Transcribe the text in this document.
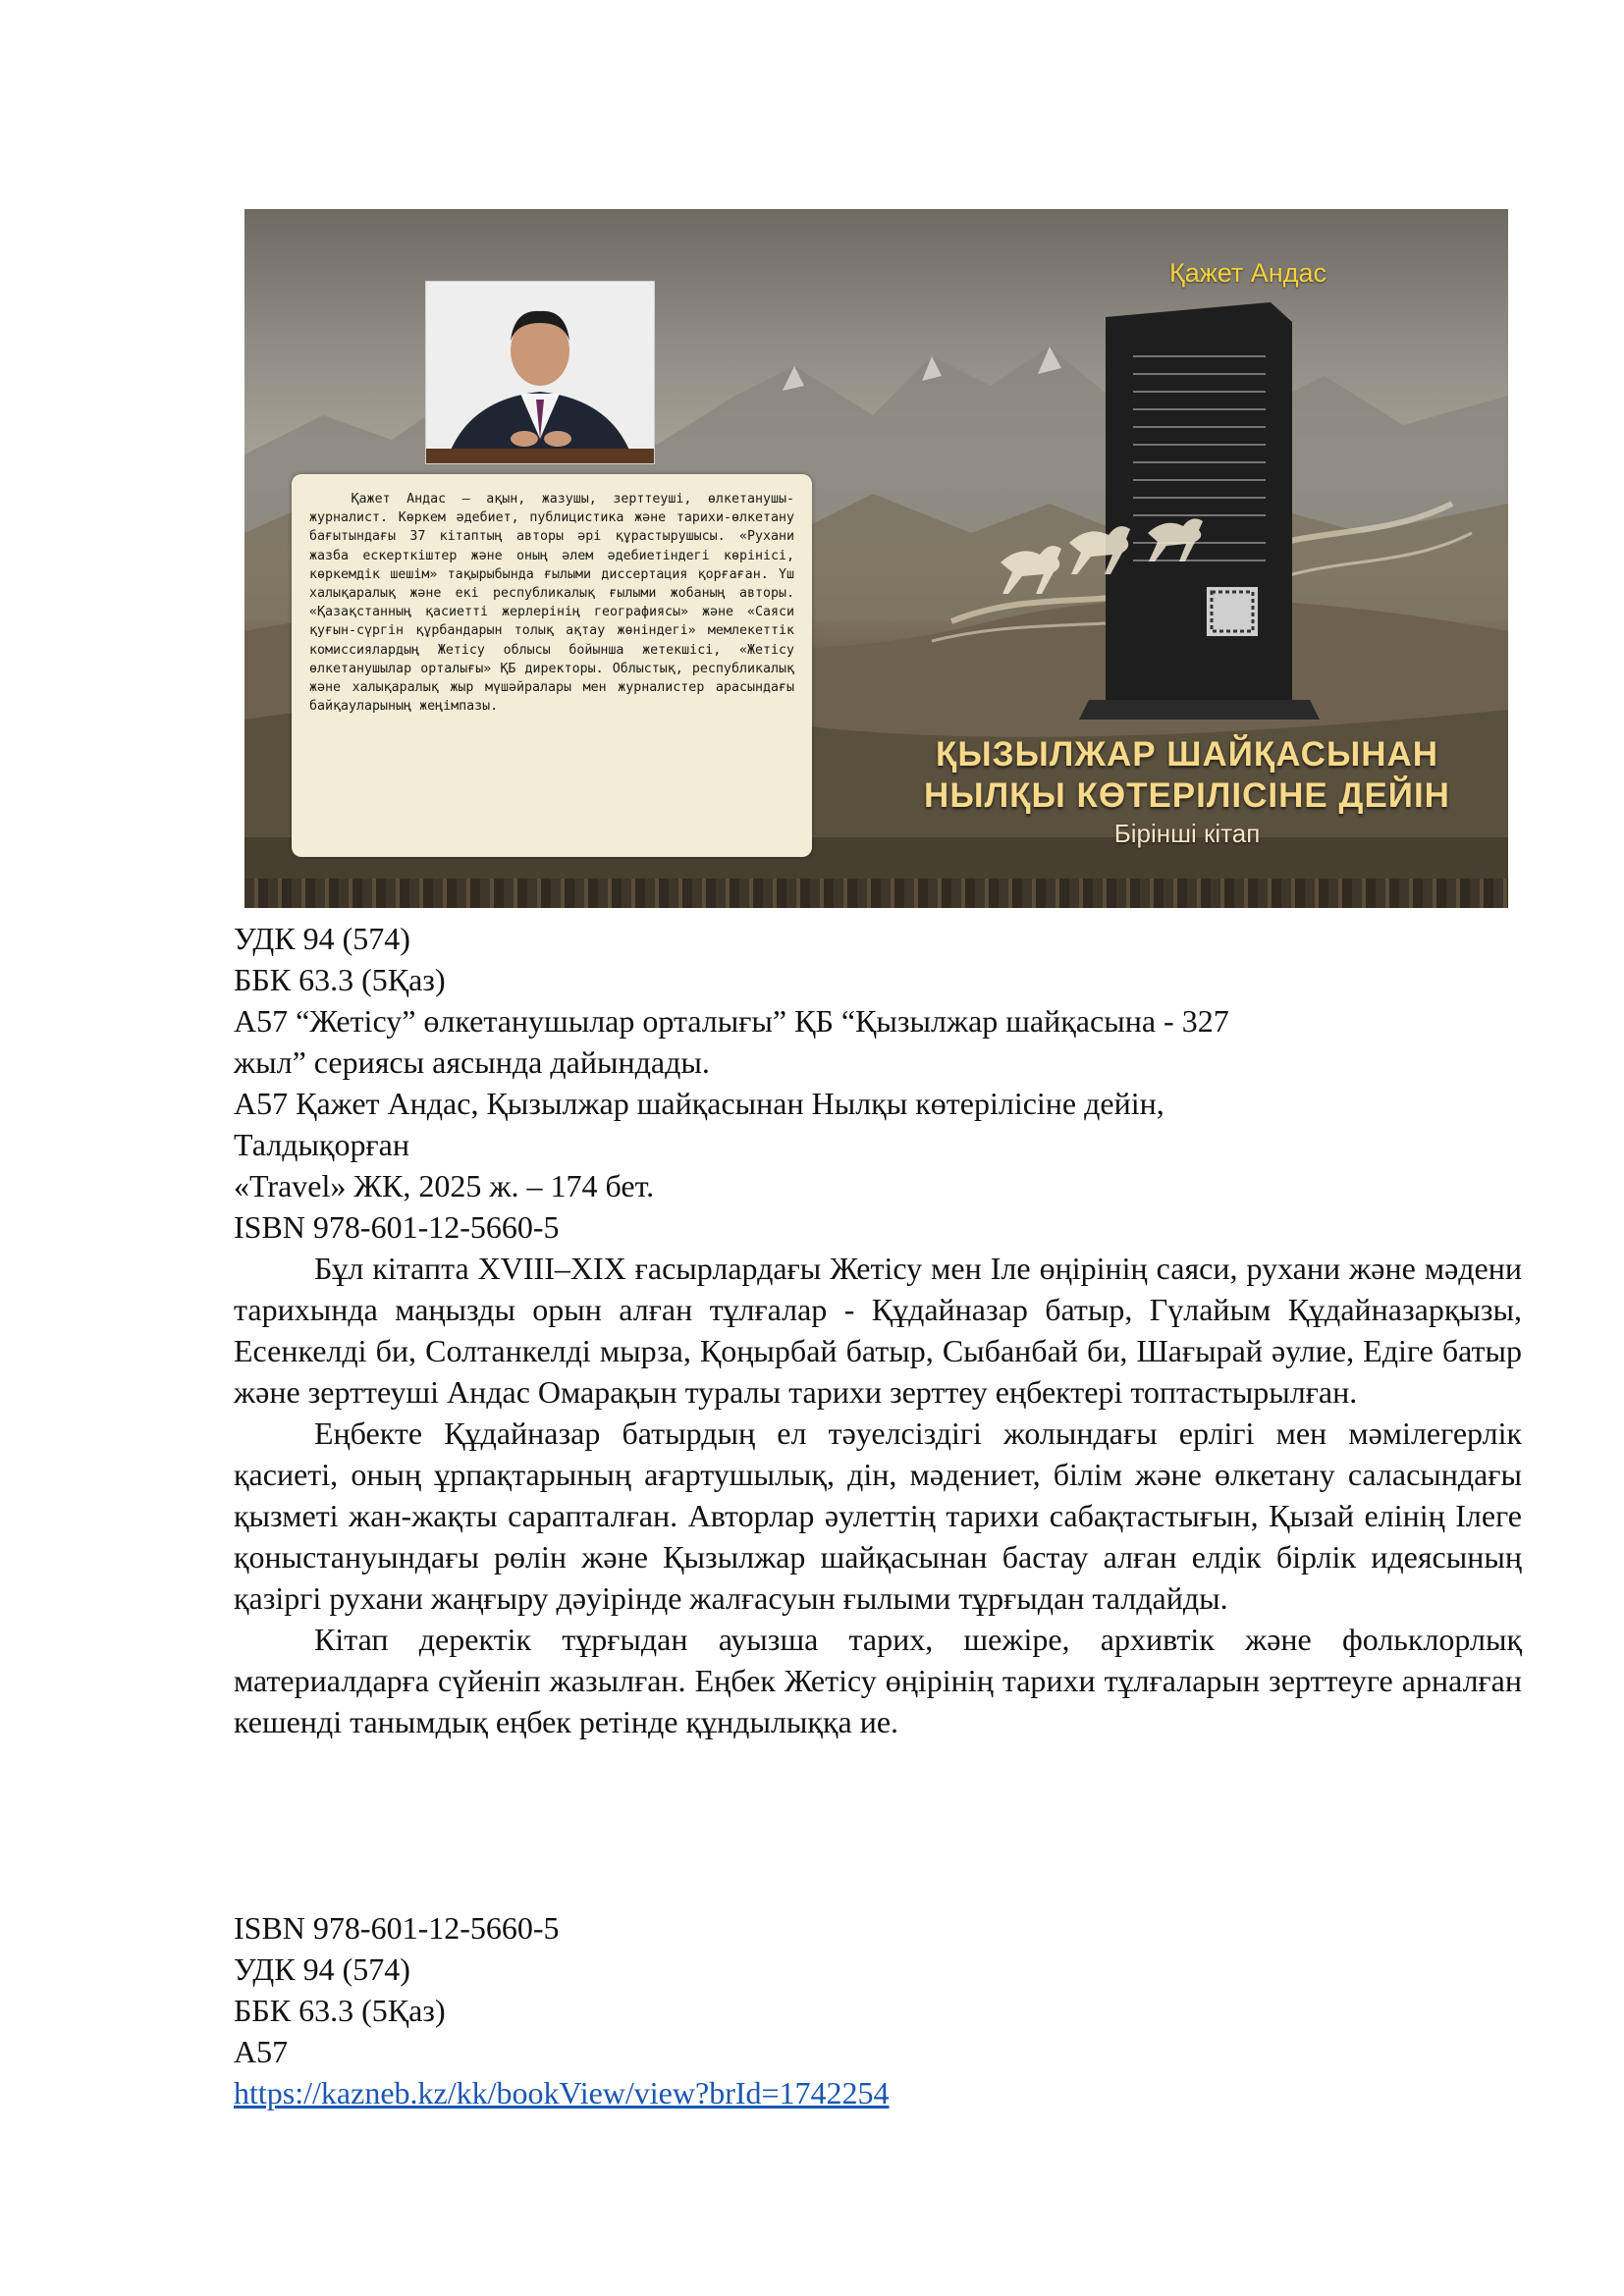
Қажет Андас — ақын, жазушы, зерттеуші, өлкетанушы-журналист. Көркем әдебиет, публицистика және тарихи-өлкетану бағытындағы 37 кітаптың авторы әрі құрастырушысы. «Рухани жазба ескерткіштер және оның әлем әдебиетіндегі көрінісі, көркемдік шешім» тақырыбында ғылыми диссертация қорғаған. Үш халықаралық және екі республикалық ғылыми жобаның авторы. «Қазақстанның қасиетті жерлерінің географиясы» және «Саяси қуғын-сүргін құрбандарын толық ақтау жөніндегі» мемлекеттік комиссиялардың Жетісу облысы бойынша жетекшісі, «Жетісу өлкетанушылар орталығы» ҚБ директоры. Облыстық, республикалық және халықаралық жыр мүшәйралары мен журналистер арасындағы байқауларының жеңімпазы.

Қажет Андас
ҚЫЗЫЛЖАР ШАЙҚАСЫНАН
НЫЛҚЫ КӨТЕРІЛІСІНЕ ДЕЙІН
Бірінші кітап
УДК 94 (574)
ББК 63.3 (5Қаз)
А57 “Жетісу” өлкетанушылар орталығы” ҚБ “Қызылжар шайқасына - 327
жыл” сериясы аясында дайындады.
А57 Қажет Андас, Қызылжар шайқасынан Нылқы көтерілісіне дейін,
Талдықорған
«Travel» ЖК, 2025 ж. – 174 бет.
ISBN 978-601-12-5660-5

Бұл кітапта XVIII–XIX ғасырлардағы Жетісу мен Іле өңірінің саяси, рухани және мәдени тарихында маңызды орын алған тұлғалар - Құдайназар батыр, Гүлайым Құдайназарқызы, Есенкелді би, Солтанкелді мырза, Қоңырбай батыр, Сыбанбай би, Шағырай әулие, Едіге батыр және зерттеуші Андас Омарақын туралы тарихи зерттеу еңбектері топтастырылған.

Еңбекте Құдайназар батырдың ел тәуелсіздігі жолындағы ерлігі мен мәмілегерлік қасиеті, оның ұрпақтарының ағартушылық, дін, мәдениет, білім және өлкетану саласындағы қызметі жан-жақты сарапталған. Авторлар әулеттің тарихи сабақтастығын, Қызай елінің Ілеге қоныстануындағы рөлін және Қызылжар шайқасынан бастау алған елдік бірлік идеясының қазіргі рухани жаңғыру дәуірінде жалғасуын ғылыми тұрғыдан талдайды.

Кітап деректік тұрғыдан ауызша тарих, шежіре, архивтік және фольклорлық материалдарға сүйеніп жазылған. Еңбек Жетісу өңірінің тарихи тұлғаларын зерттеуге арналған кешенді танымдық еңбек ретінде құндылыққа ие.

ISBN 978-601-12-5660-5
УДК 94 (574)
ББК 63.3 (5Қаз)
А57
https://kazneb.kz/kk/bookView/view?brId=1742254
